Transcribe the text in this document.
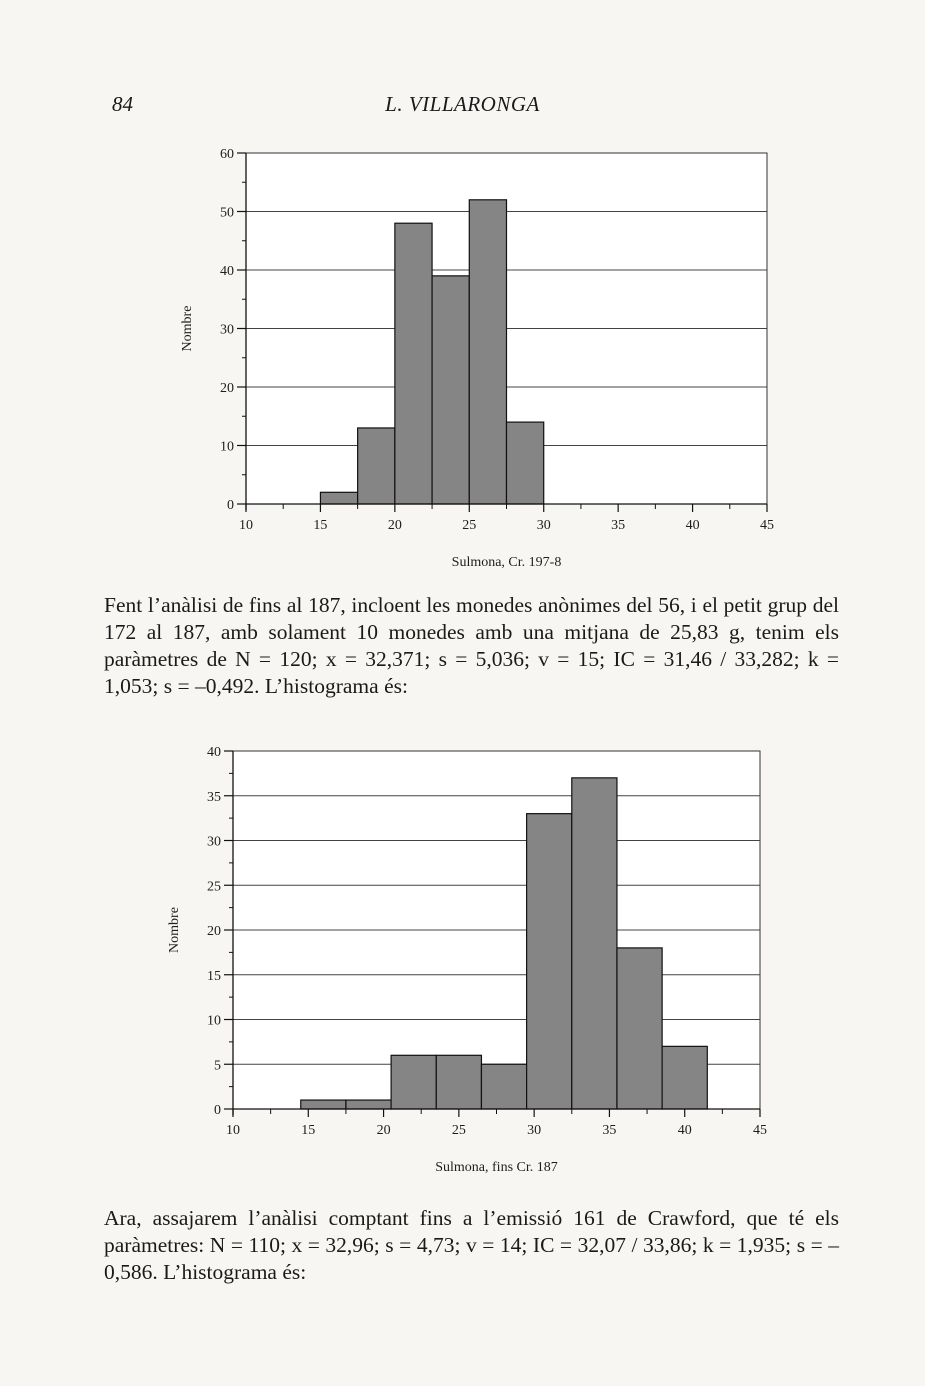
84	L. VILLARONGA
0
10
20
30
40
50
60
10	15	20	25	30	35	40	45
Sulmona, Cr. 197-8
Nombre

Fent l’anàlisi de fins al 187, incloent les monedes anònimes del 56, i el petit grup del 172 al 187, amb solament 10 monedes amb una mitjana de 25,83 g, tenim els paràmetres de N = 120; x = 32,371; s = 5,036; v = 15; IC = 31,46 / 33,282; k = 1,053; s = –0,492. L’histograma és:

0
5
10
15
20
25
30
35
40
10	15	20	25	30	35	40	45
Sulmona, fins Cr. 187
Nombre

Ara, assajarem l’anàlisi comptant fins a l’emissió 161 de Crawford, que té els paràmetres: N = 110; x = 32,96; s = 4,73; v = 14; IC = 32,07 / 33,86; k = 1,935; s = –0,586. L’histograma és:
